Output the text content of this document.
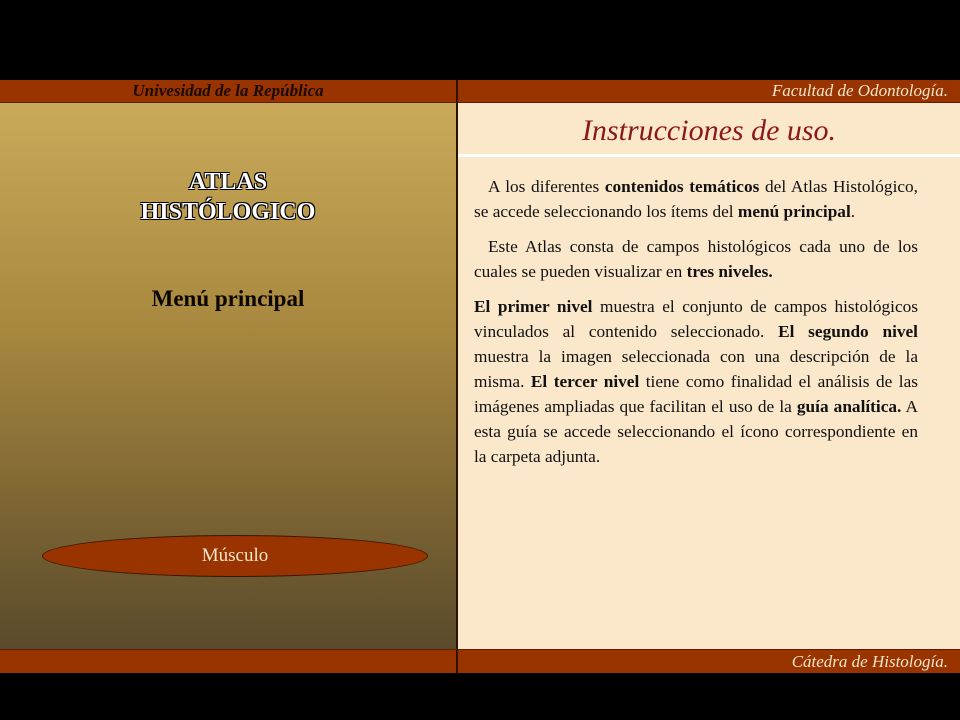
Univesidad de la República	Facultad de Odontología.
ATLAS
HISTÓLOGICO
Menú principal
Músculo
Instrucciones de uso.

A los diferentes contenidos temáticos del Atlas Histológico, se accede seleccionando los ítems del menú principal.

Este Atlas consta de campos histológicos cada uno de los cuales se pueden visualizar en tres niveles.

El primer nivel muestra el conjunto de campos histológicos vinculados al contenido seleccionado. El segundo nivel muestra la imagen seleccionada con una descripción de la misma. El tercer nivel tiene como finalidad el análisis de las imágenes ampliadas que facilitan el uso de la guía analítica. A esta guía se accede seleccionando el ícono correspondiente en la carpeta adjunta.

Cátedra de Histología.
